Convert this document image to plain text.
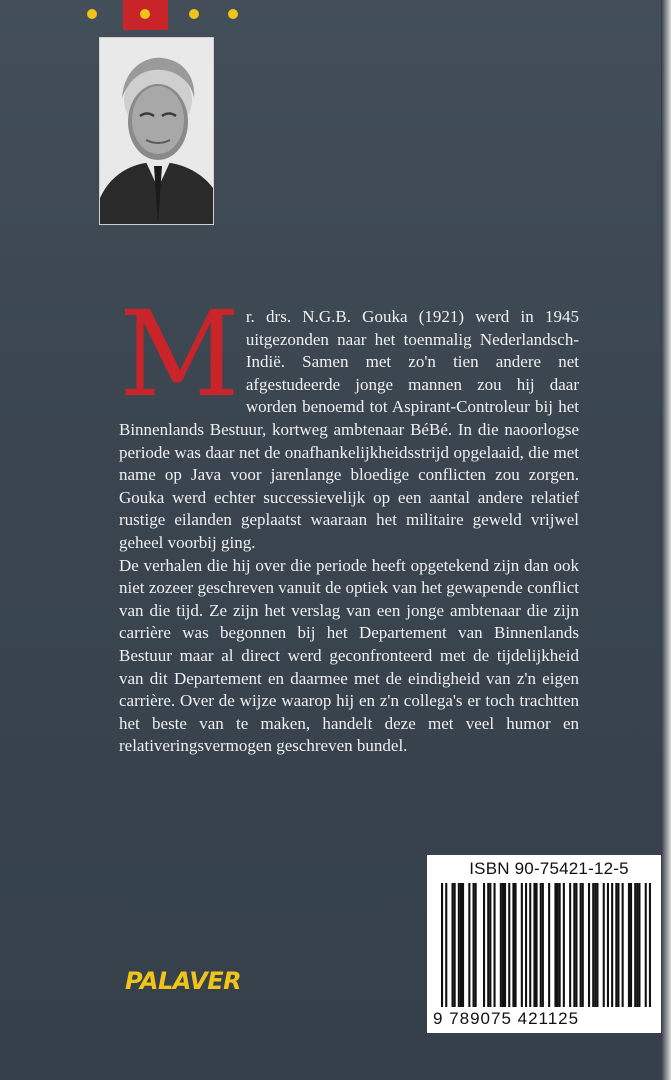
M r. drs. N.G.B. Gouka (1921) werd in 1945 uitgezonden naar het toenmalig Nederlandsch-Indië. Samen met zo'n tien andere net afgestudeerde jonge mannen zou hij daar worden benoemd tot Aspirant-Controleur bij het Binnenlands Bestuur, kortweg ambtenaar BéBé. In die naoorlogse periode was daar net de onafhankelijkheidsstrijd opgelaaid, die met name op Java voor jarenlange bloedige conflicten zou zorgen. Gouka werd echter successievelijk op een aantal andere relatief rustige eilanden geplaatst waaraan het militaire geweld vrijwel geheel voorbij ging.

De verhalen die hij over die periode heeft opgetekend zijn dan ook niet zozeer geschreven vanuit de optiek van het gewapende conflict van die tijd. Ze zijn het verslag van een jonge ambtenaar die zijn carrière was begonnen bij het Departement van Binnenlands Bestuur maar al direct werd geconfronteerd met de tijdelijkheid van dit Departement en daarmee met de eindigheid van z'n eigen carrière. Over de wijze waarop hij en z'n collega's er toch trachtten het beste van te maken, handelt deze met veel humor en relativeringsvermogen geschreven bundel.

ISBN 90-75421-12-5
9 789075 421125
PALAVER
